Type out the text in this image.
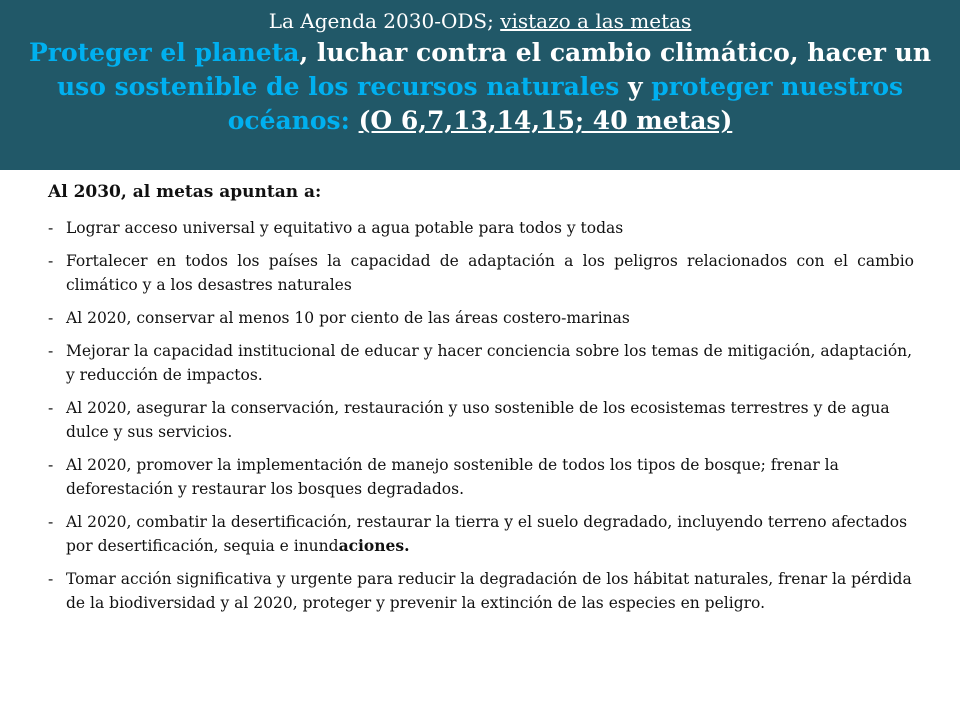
La Agenda 2030-ODS; vistazo a las metas
Proteger el planeta, luchar contra el cambio climático, hacer un uso sostenible de los recursos naturales y proteger nuestros océanos: (O 6,7,13,14,15; 40 metas)
Al 2030, al metas apuntan a:
- Lograr acceso universal y equitativo a agua potable para todos y todas
- Fortalecer en todos los países la capacidad de adaptación a los peligros relacionados con el cambio climático y a los desastres naturales
- Al 2020, conservar al menos 10 por ciento de las áreas costero-marinas
- Mejorar la capacidad institucional de educar y hacer conciencia sobre los temas de mitigación, adaptación, y reducción de impactos.
- Al 2020, asegurar la conservación, restauración y uso sostenible de los ecosistemas terrestres y de agua dulce y sus servicios.
- Al 2020, promover la implementación de manejo sostenible de todos los tipos de bosque; frenar la deforestación y restaurar los bosques degradados.
- Al 2020, combatir la desertificación, restaurar la tierra y el suelo degradado, incluyendo terreno afectados por desertificación, sequia e inundaciones.
- Tomar acción significativa y urgente para reducir la degradación de los hábitat naturales, frenar la pérdida de la biodiversidad y al 2020, proteger y prevenir la extinción de las especies en peligro.
